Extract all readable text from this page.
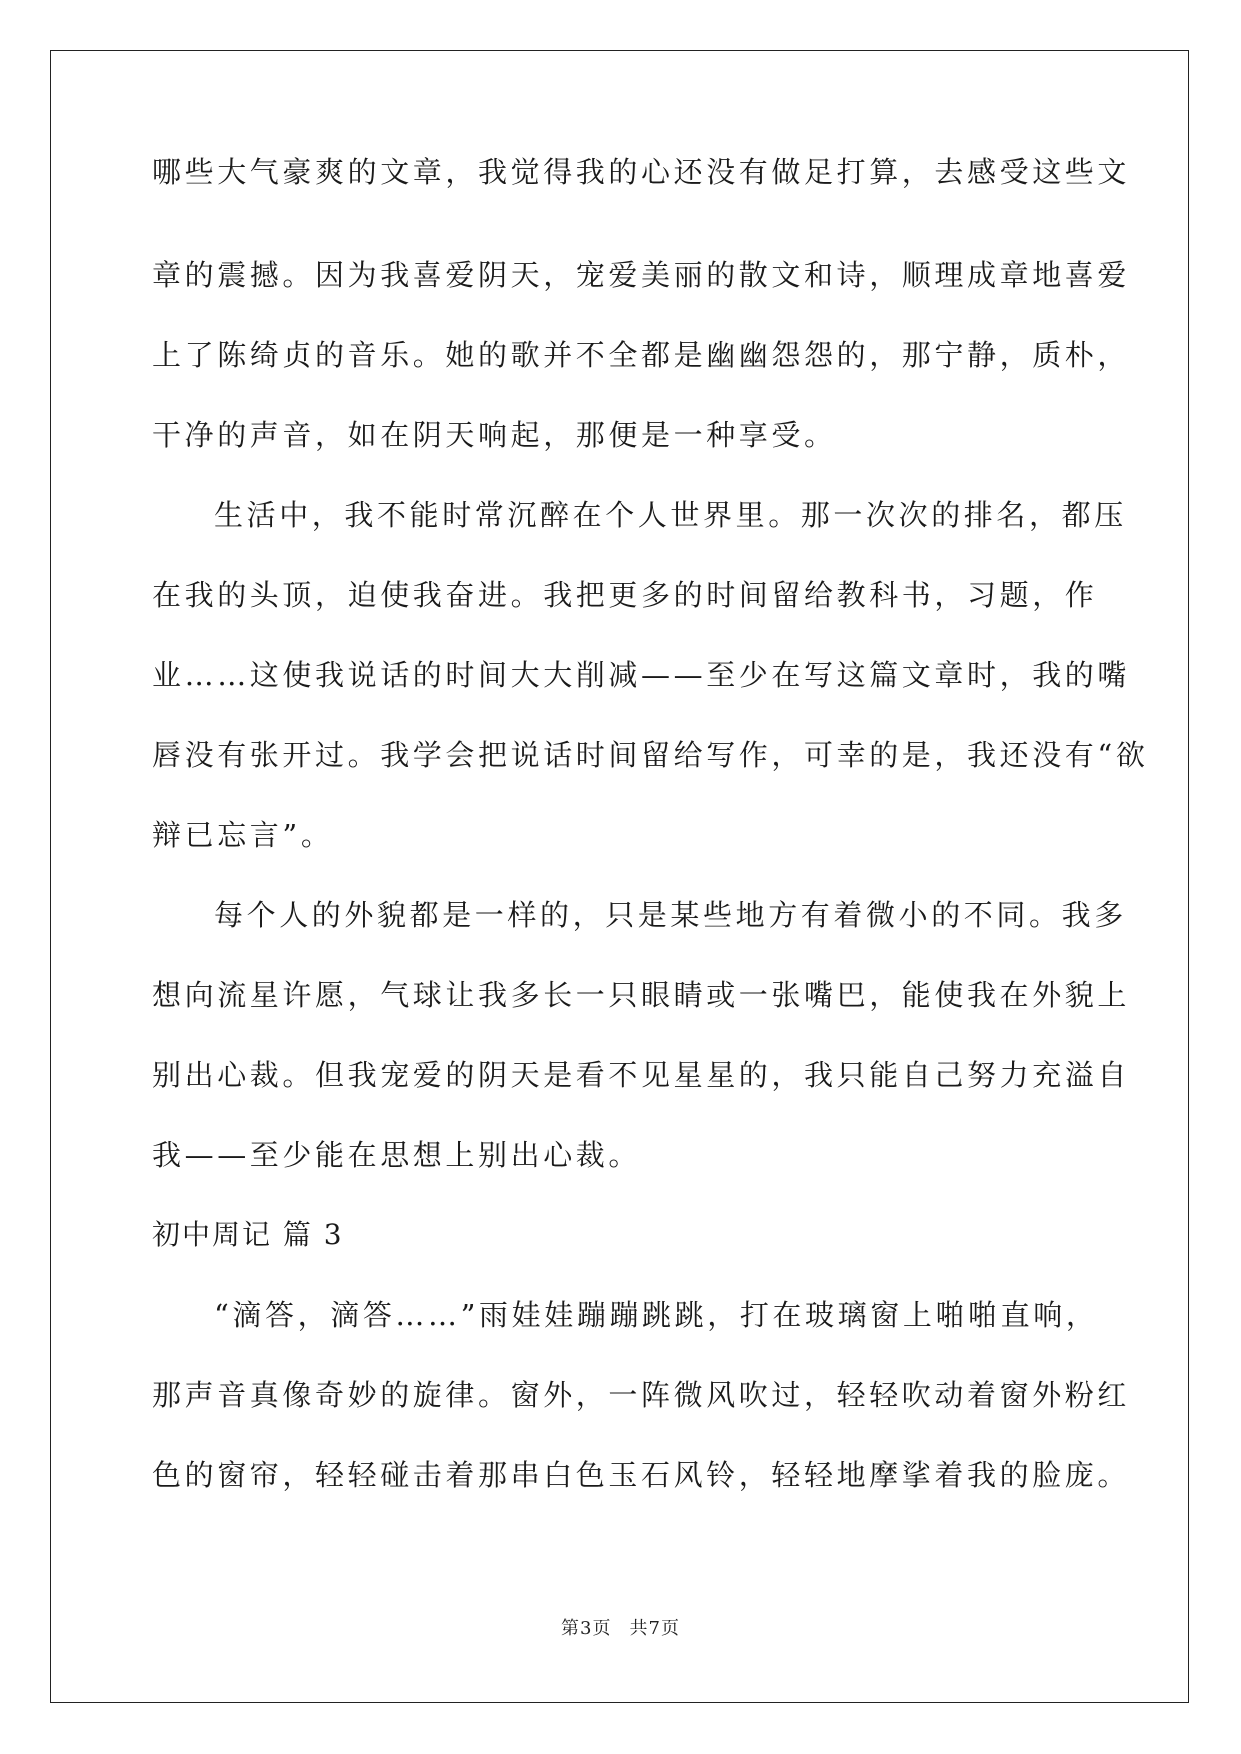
哪些大气豪爽的文章，我觉得我的心还没有做足打算，去感受这些文
章的震撼。因为我喜爱阴天，宠爱美丽的散文和诗，顺理成章地喜爱
上了陈绮贞的音乐。她的歌并不全都是幽幽怨怨的，那宁静，质朴，
干净的声音，如在阴天响起，那便是一种享受。
生活中，我不能时常沉醉在个人世界里。那一次次的排名，都压
在我的头顶，迫使我奋进。我把更多的时间留给教科书，习题，作
业……这使我说话的时间大大削减——至少在写这篇文章时，我的嘴
唇没有张开过。我学会把说话时间留给写作，可幸的是，我还没有“欲
辩已忘言”。
每个人的外貌都是一样的，只是某些地方有着微小的不同。我多
想向流星许愿，气球让我多长一只眼睛或一张嘴巴，能使我在外貌上
别出心裁。但我宠爱的阴天是看不见星星的，我只能自己努力充溢自
我——至少能在思想上别出心裁。
初中周记 篇 3
“滴答，滴答……”雨娃娃蹦蹦跳跳，打在玻璃窗上啪啪直响，
那声音真像奇妙的旋律。窗外，一阵微风吹过，轻轻吹动着窗外粉红
色的窗帘，轻轻碰击着那串白色玉石风铃，轻轻地摩挲着我的脸庞。
第3页 共7页
